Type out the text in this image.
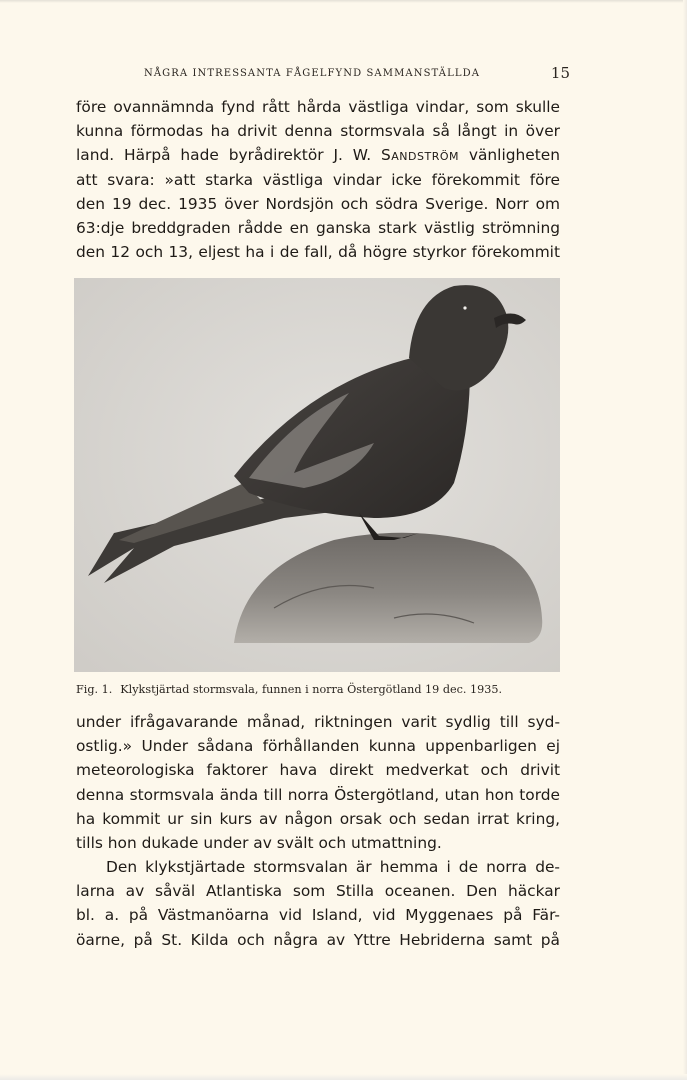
NÅGRA INTRESSANTA FÅGELFYND SAMMANSTÄLLDA	15
före ovannämnda fynd rått hårda västliga vindar, som skulle
kunna förmodas ha drivit denna stormsvala så långt in över
land. Härpå hade byrådirektör J. W. Sandström vänligheten
att svara: »att starka västliga vindar icke förekommit före
den 19 dec. 1935 över Nordsjön och södra Sverige. Norr om
63:dje breddgraden rådde en ganska stark västlig strömning
den 12 och 13, eljest ha i de fall, då högre styrkor förekommit
Fig. 1. Klykstjärtad stormsvala, funnen i norra Östergötland 19 dec. 1935.
under ifrågavarande månad, riktningen varit sydlig till syd-
ostlig.» Under sådana förhållanden kunna uppenbarligen ej
meteorologiska faktorer hava direkt medverkat och drivit
denna stormsvala ända till norra Östergötland, utan hon torde
ha kommit ur sin kurs av någon orsak och sedan irrat kring,
tills hon dukade under av svält och utmattning.
Den klykstjärtade stormsvalan är hemma i de norra de-
larna av såväl Atlantiska som Stilla oceanen. Den häckar
bl. a. på Västmanöarna vid Island, vid Myggenaes på Fär-
öarne, på St. Kilda och några av Yttre Hebriderna samt på
